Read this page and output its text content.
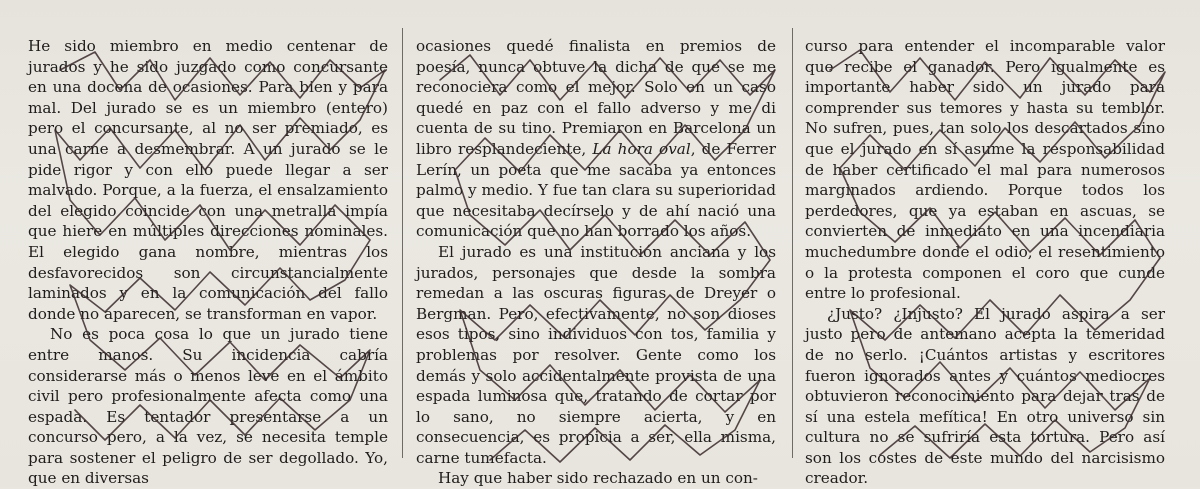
He sido miembro en medio centenar de jurados y he sido juzgado como concursante en una docena de ocasiones. Para bien y para mal. Del jurado se es un miembro (entero) pero el concursante, al no ser premiado, es una carne a desmembrar. A un jurado se le pide rigor y con ello puede llegar a ser malvado. Porque, a la fuerza, el ensalzamiento del elegido coincide con una metralla impía que hiere en múltiples direcciones nominales. El elegido gana nombre, mientras los desfavorecidos son circunstancialmente laminados y en la comunicación del fallo donde no aparecen, se transforman en vapor.

No es poca cosa lo que un jurado tiene entre manos. Su incidencia cabría considerarse más o menos leve en el ámbito civil pero profesionalmente afecta como una espada. Es tentador presentarse a un concurso pero, a la vez, se necesita temple para sostener el peligro de ser degollado. Yo, que en diversas

ocasiones quedé finalista en premios de poesía, nunca obtuve la dicha de que se me reconociera como el mejor. Solo en un caso quedé en paz con el fallo adverso y me di cuenta de su tino. Premiaron en Barcelona un libro resplandeciente, La hora oval, de Ferrer Lerín, un poeta que me sacaba ya entonces palmo y medio. Y fue tan clara su superioridad que necesitaba decírselo y de ahí nació una comunicación que no han borrado los años.

El jurado es una institución anciana y los jurados, personajes que desde la sombra remedan a las oscuras figuras de Dreyer o Bergman. Pero, efectivamente, no son dioses esos tipos, sino individuos con tos, familia y problemas por resolver. Gente como los demás y solo accidentalmente provista de una espada luminosa que, tratando de cortar por lo sano, no siempre acierta, y en consecuencia, es propicia a ser, ella misma, carne tumefacta.

Hay que haber sido rechazado en un con-

curso para entender el incomparable valor que recibe el ganador. Pero igualmente es importante haber sido un jurado para comprender sus temores y hasta su temblor. No sufren, pues, tan solo los descartados sino que el jurado en sí asume la responsabilidad de haber certificado el mal para numerosos marginados ardiendo. Porque todos los perdedores, que ya estaban en ascuas, se convierten de inmediato en una incendiaria muchedumbre donde el odio, el resentimiento o la protesta componen el coro que cunde entre lo profesional.

¿Justo? ¿Injusto? El jurado aspira a ser justo pero de antemano acepta la temeridad de no serlo. ¡Cuántos artistas y escritores fueron ignorados antes y cuántos mediocres obtuvieron reconocimiento para dejar tras de sí una estela mefítica! En otro universo sin cultura no se sufriría esta tortura. Pero así son los costes de este mundo del narcisismo creador.
